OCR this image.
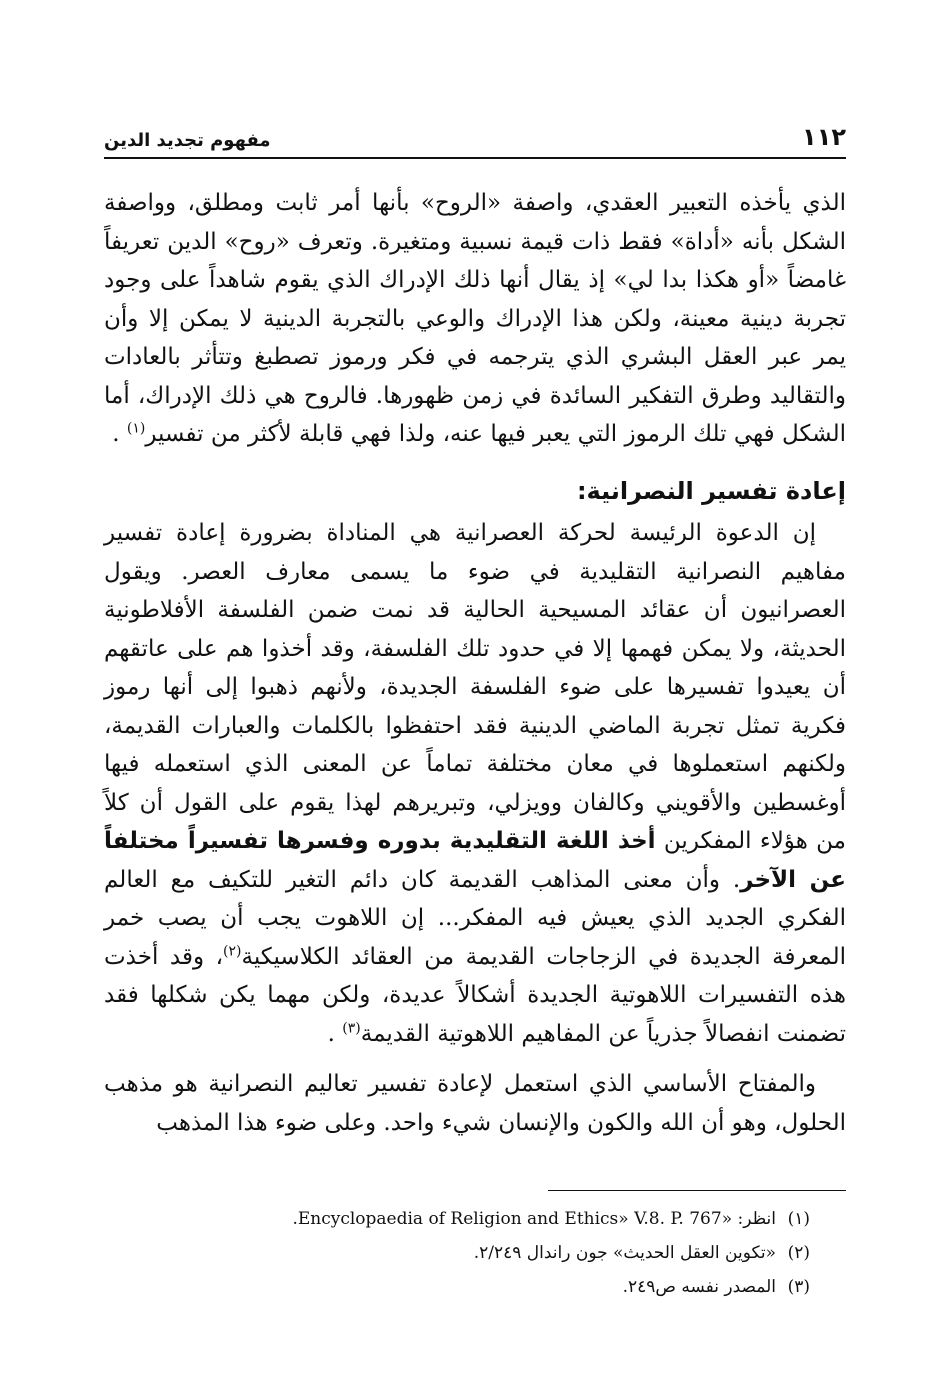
١١٢
مفهوم تجديد الدين

الذي يأخذه التعبير العقدي، واصفة «الروح» بأنها أمر ثابت ومطلق، وواصفة الشكل بأنه «أداة» فقط ذات قيمة نسبية ومتغيرة. وتعرف «روح» الدين تعريفاً غامضاً «أو هكذا بدا لي» إذ يقال أنها ذلك الإدراك الذي يقوم شاهداً على وجود تجربة دينية معينة، ولكن هذا الإدراك والوعي بالتجربة الدينية لا يمكن إلا وأن يمر عبر العقل البشري الذي يترجمه في فكر ورموز تصطبغ وتتأثر بالعادات والتقاليد وطرق التفكير السائدة في زمن ظهورها. فالروح هي ذلك الإدراك، أما الشكل فهي تلك الرموز التي يعبر فيها عنه، ولذا فهي قابلة لأكثر من تفسير$^{(١)}$ .

إعادة تفسير النصرانية:

إن الدعوة الرئيسة لحركة العصرانية هي المناداة بضرورة إعادة تفسير مفاهيم النصرانية التقليدية في ضوء ما يسمى معارف العصر. ويقول العصرانيون أن عقائد المسيحية الحالية قد نمت ضمن الفلسفة الأفلاطونية الحديثة، ولا يمكن فهمها إلا في حدود تلك الفلسفة، وقد أخذوا هم على عاتقهم أن يعيدوا تفسيرها على ضوء الفلسفة الجديدة، ولأنهم ذهبوا إلى أنها رموز فكرية تمثل تجربة الماضي الدينية فقد احتفظوا بالكلمات والعبارات القديمة، ولكنهم استعملوها في معان مختلفة تماماً عن المعنى الذي استعمله فيها أوغسطين والأقويني وكالفان وويزلي، وتبريرهم لهذا يقوم على القول أن كلاً من هؤلاء المفكرين أخذ اللغة التقليدية بدوره وفسرها تفسيراً مختلفاً عن الآخر. وأن معنى المذاهب القديمة كان دائم التغير للتكيف مع العالم الفكري الجديد الذي يعيش فيه المفكر... إن اللاهوت يجب أن يصب خمر المعرفة الجديدة في الزجاجات القديمة من العقائد الكلاسيكية$^{(٢)}$، وقد أخذت هذه التفسيرات اللاهوتية الجديدة أشكالاً عديدة، ولكن مهما يكن شكلها فقد تضمنت انفصالاً جذرياً عن المفاهيم اللاهوتية القديمة$^{(٣)}$ .

والمفتاح الأساسي الذي استعمل لإعادة تفسير تعاليم النصرانية هو مذهب الحلول، وهو أن الله والكون والإنسان شيء واحد. وعلى ضوء هذا المذهب

(١)انظر: «Encyclopaedia of Religion and Ethics» V.8. P. 767.
(٢)«تكوين العقل الحديث» جون راندال ٢/٢٤٩.
(٣)المصدر نفسه ص٢٤٩.
